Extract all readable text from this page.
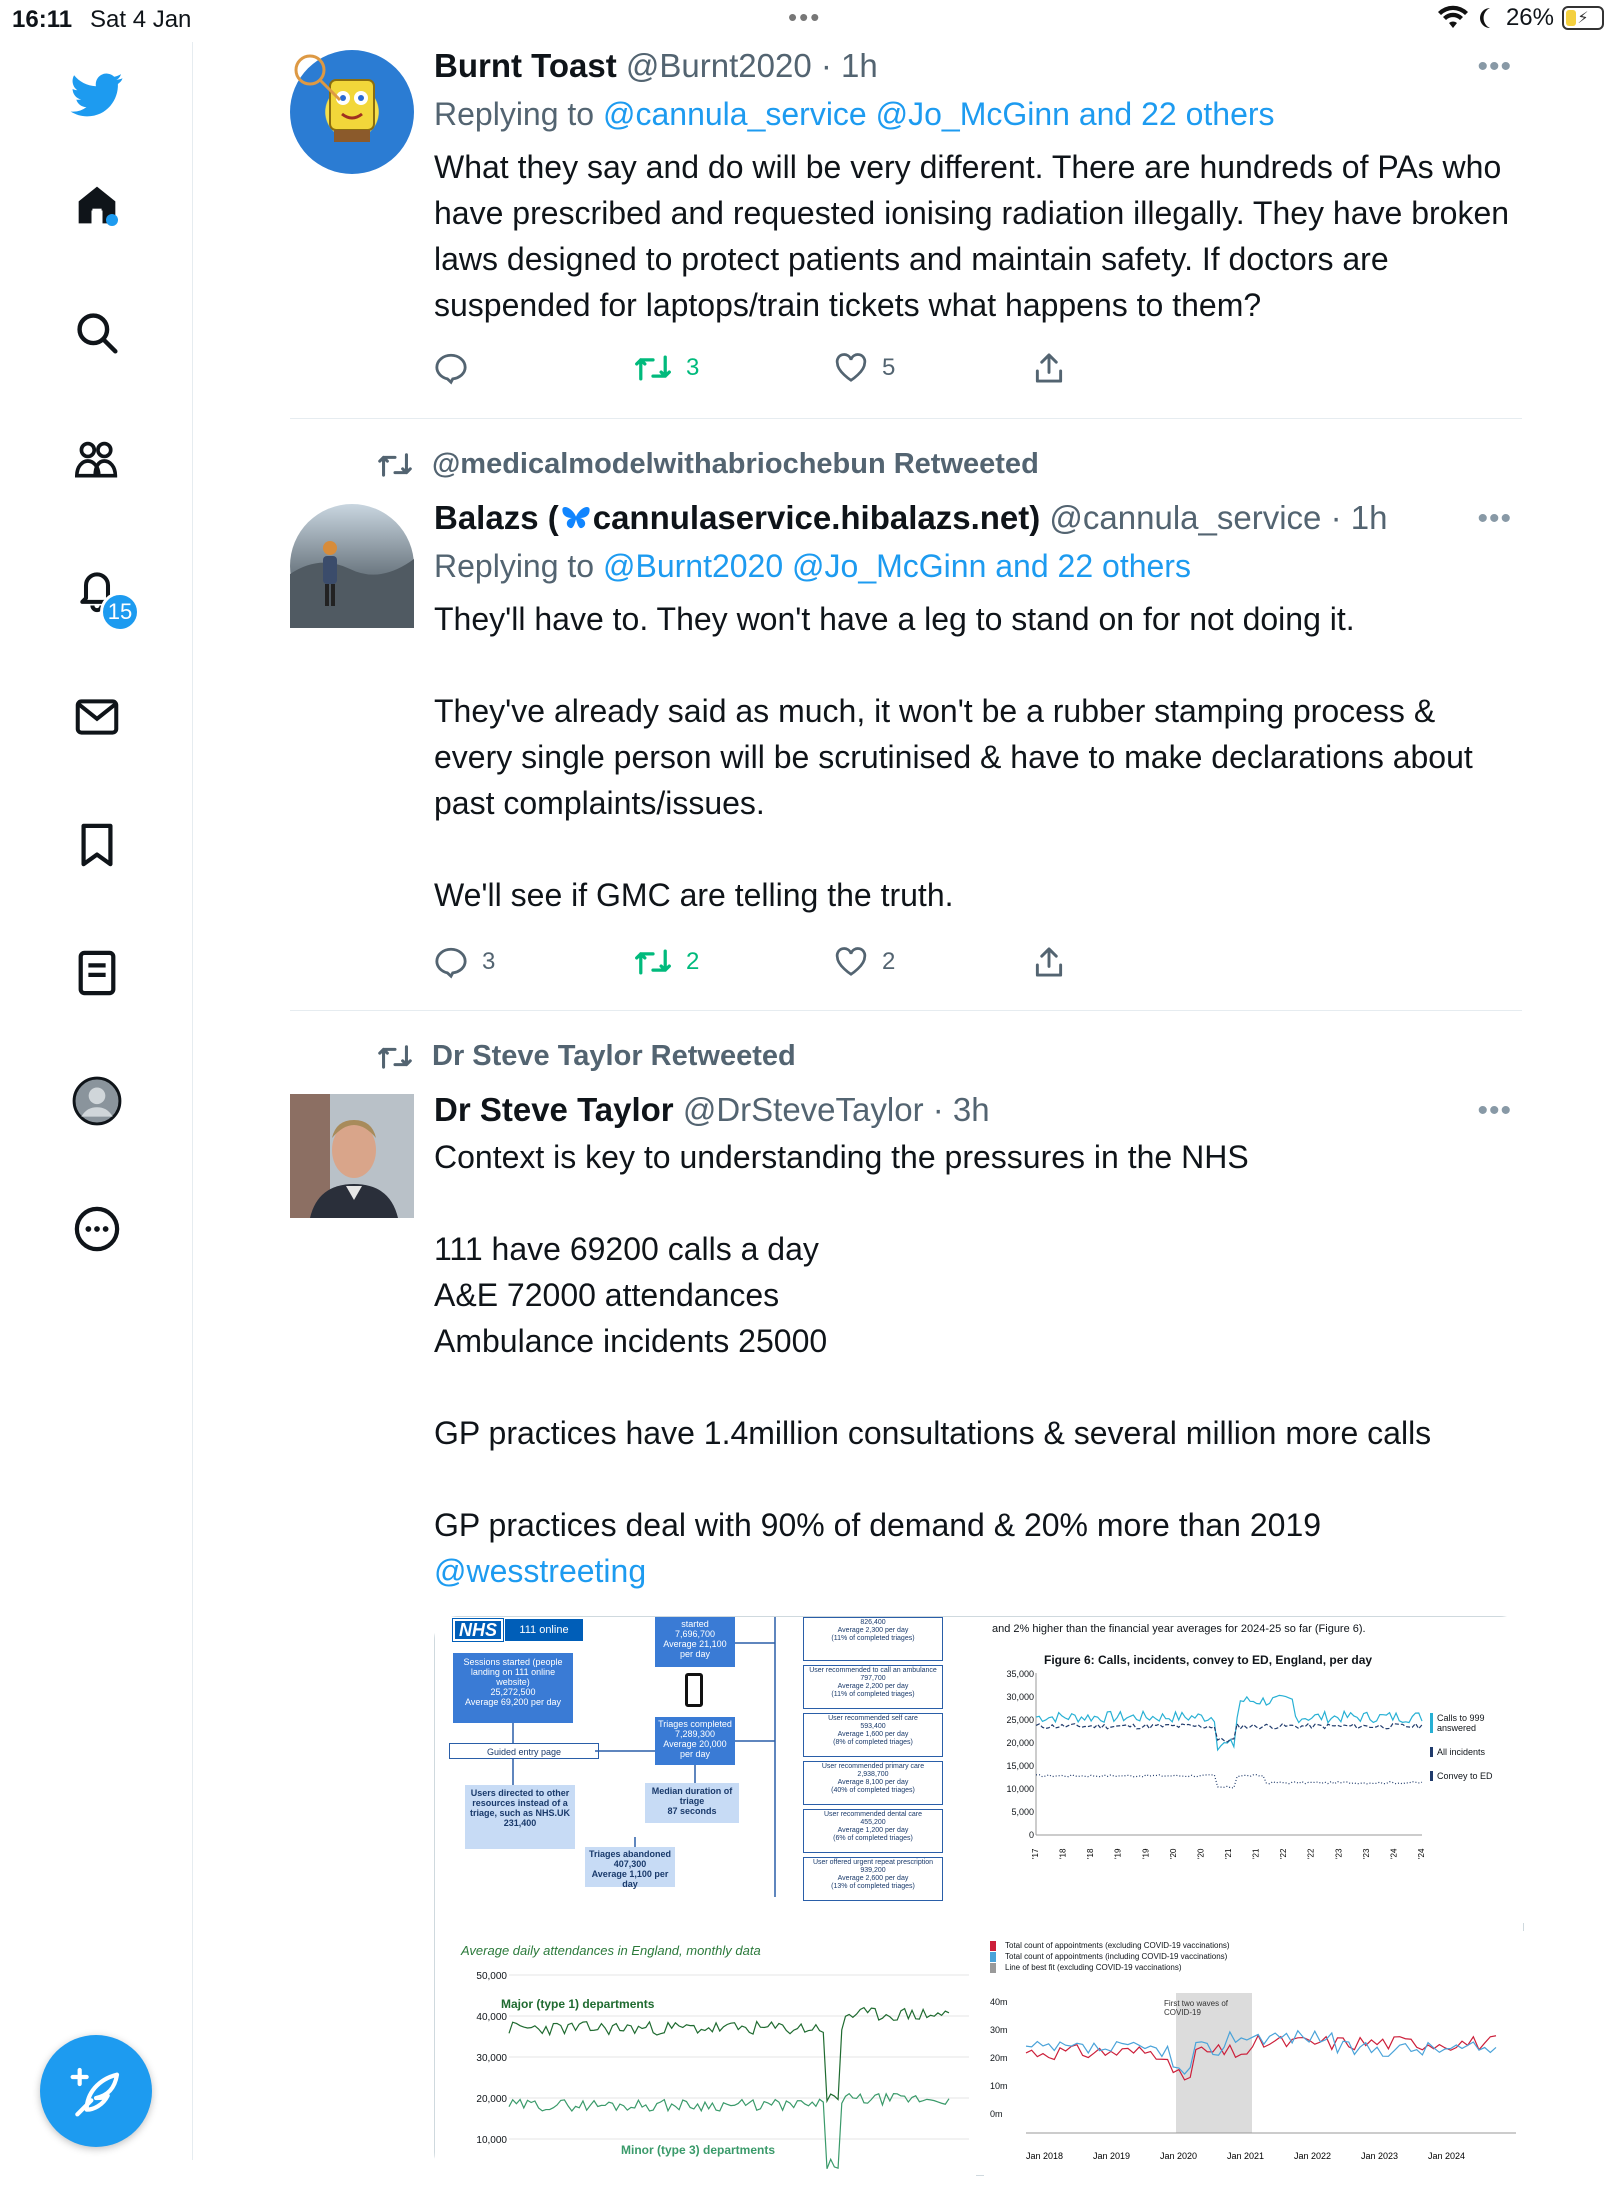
16:11 Sat 4 Jan	•••	26% ⚡
15
Burnt Toast @Burnt2020 · 1h
Replying to @cannula_service @Jo_McGinn and 22 others
What they say and do will be very different. There are hundreds of PAs who have prescribed and requested ionising radiation illegally. They have broken laws designed to protect patients and maintain safety. If doctors are suspended for laptops/train tickets what happens to them?
•••
3	5
@medicalmodelwithabriochebun Retweeted
Balazs ( cannulaservice.hibalazs.net) @cannula_service · 1h
Replying to @Burnt2020 @Jo_McGinn and 22 others
They'll have to. They won't have a leg to stand on for not doing it.

They've already said as much, it won't be a rubber stamping process & every single person will be scrutinised & have to make declarations about past complaints/issues.

We'll see if GMC are telling the truth.
•••
3	2	2
Dr Steve Taylor Retweeted
Dr Steve Taylor @DrSteveTaylor · 3h
Context is key to understanding the pressures in the NHS

111 have 69200 calls a day
A&E 72000 attendances
Ambulance incidents 25000

GP practices have 1.4million consultations & several million more calls

GP practices deal with 90% of demand & 20% more than 2019
@wesstreeting
•••
NHS	111 online
Sessions started (people landing on 111 online website)
25,272,500
Average 69,200 per day
Guided entry page
Users directed to other resources instead of a triage, such as NHS.UK
231,400
started
7,696,700
Average 21,100 per day
Triages completed
7,289,300
Average 20,000 per day
Median duration of triage
87 seconds
Triages abandoned
407,300
Average 1,100 per day
826,400
Average 2,300 per day
(11% of completed triages)
User recommended to call an ambulance
797,700
Average 2,200 per day
(11% of completed triages)
User recommended self care
593,400
Average 1,600 per day
(8% of completed triages)
User recommended primary care
2,938,700
Average 8,100 per day
(40% of completed triages)
User recommended dental care
455,200
Average 1,200 per day
(6% of completed triages)
User offered urgent repeat prescription
939,200
Average 2,600 per day
(13% of completed triages)
and 2% higher than the financial year averages for 2024-25 so far (Figure 6).
Figure 6: Calls, incidents, convey to ED, England, per day
35,000
30,000
25,000
20,000
15,000
10,000
5,000
0
'17 '18 '18 '19 '19 '20 '20 '21 '21 '22 '22 '23 '23 '24 '24
Calls to 999 answered
All incidents
Convey to ED
Average daily attendances in England, monthly data
50,000
40,000
30,000
20,000
10,000
Major (type 1) departments
Minor (type 3) departments
Total count of appointments (excluding COVID-19 vaccinations)
Total count of appointments (including COVID-19 vaccinations)
Line of best fit (excluding COVID-19 vaccinations)
40m
30m
20m
10m
0m
Jan 2018	Jan 2019	Jan 2020	Jan 2021	Jan 2022	Jan 2023	Jan 2024
First two waves of COVID-19
